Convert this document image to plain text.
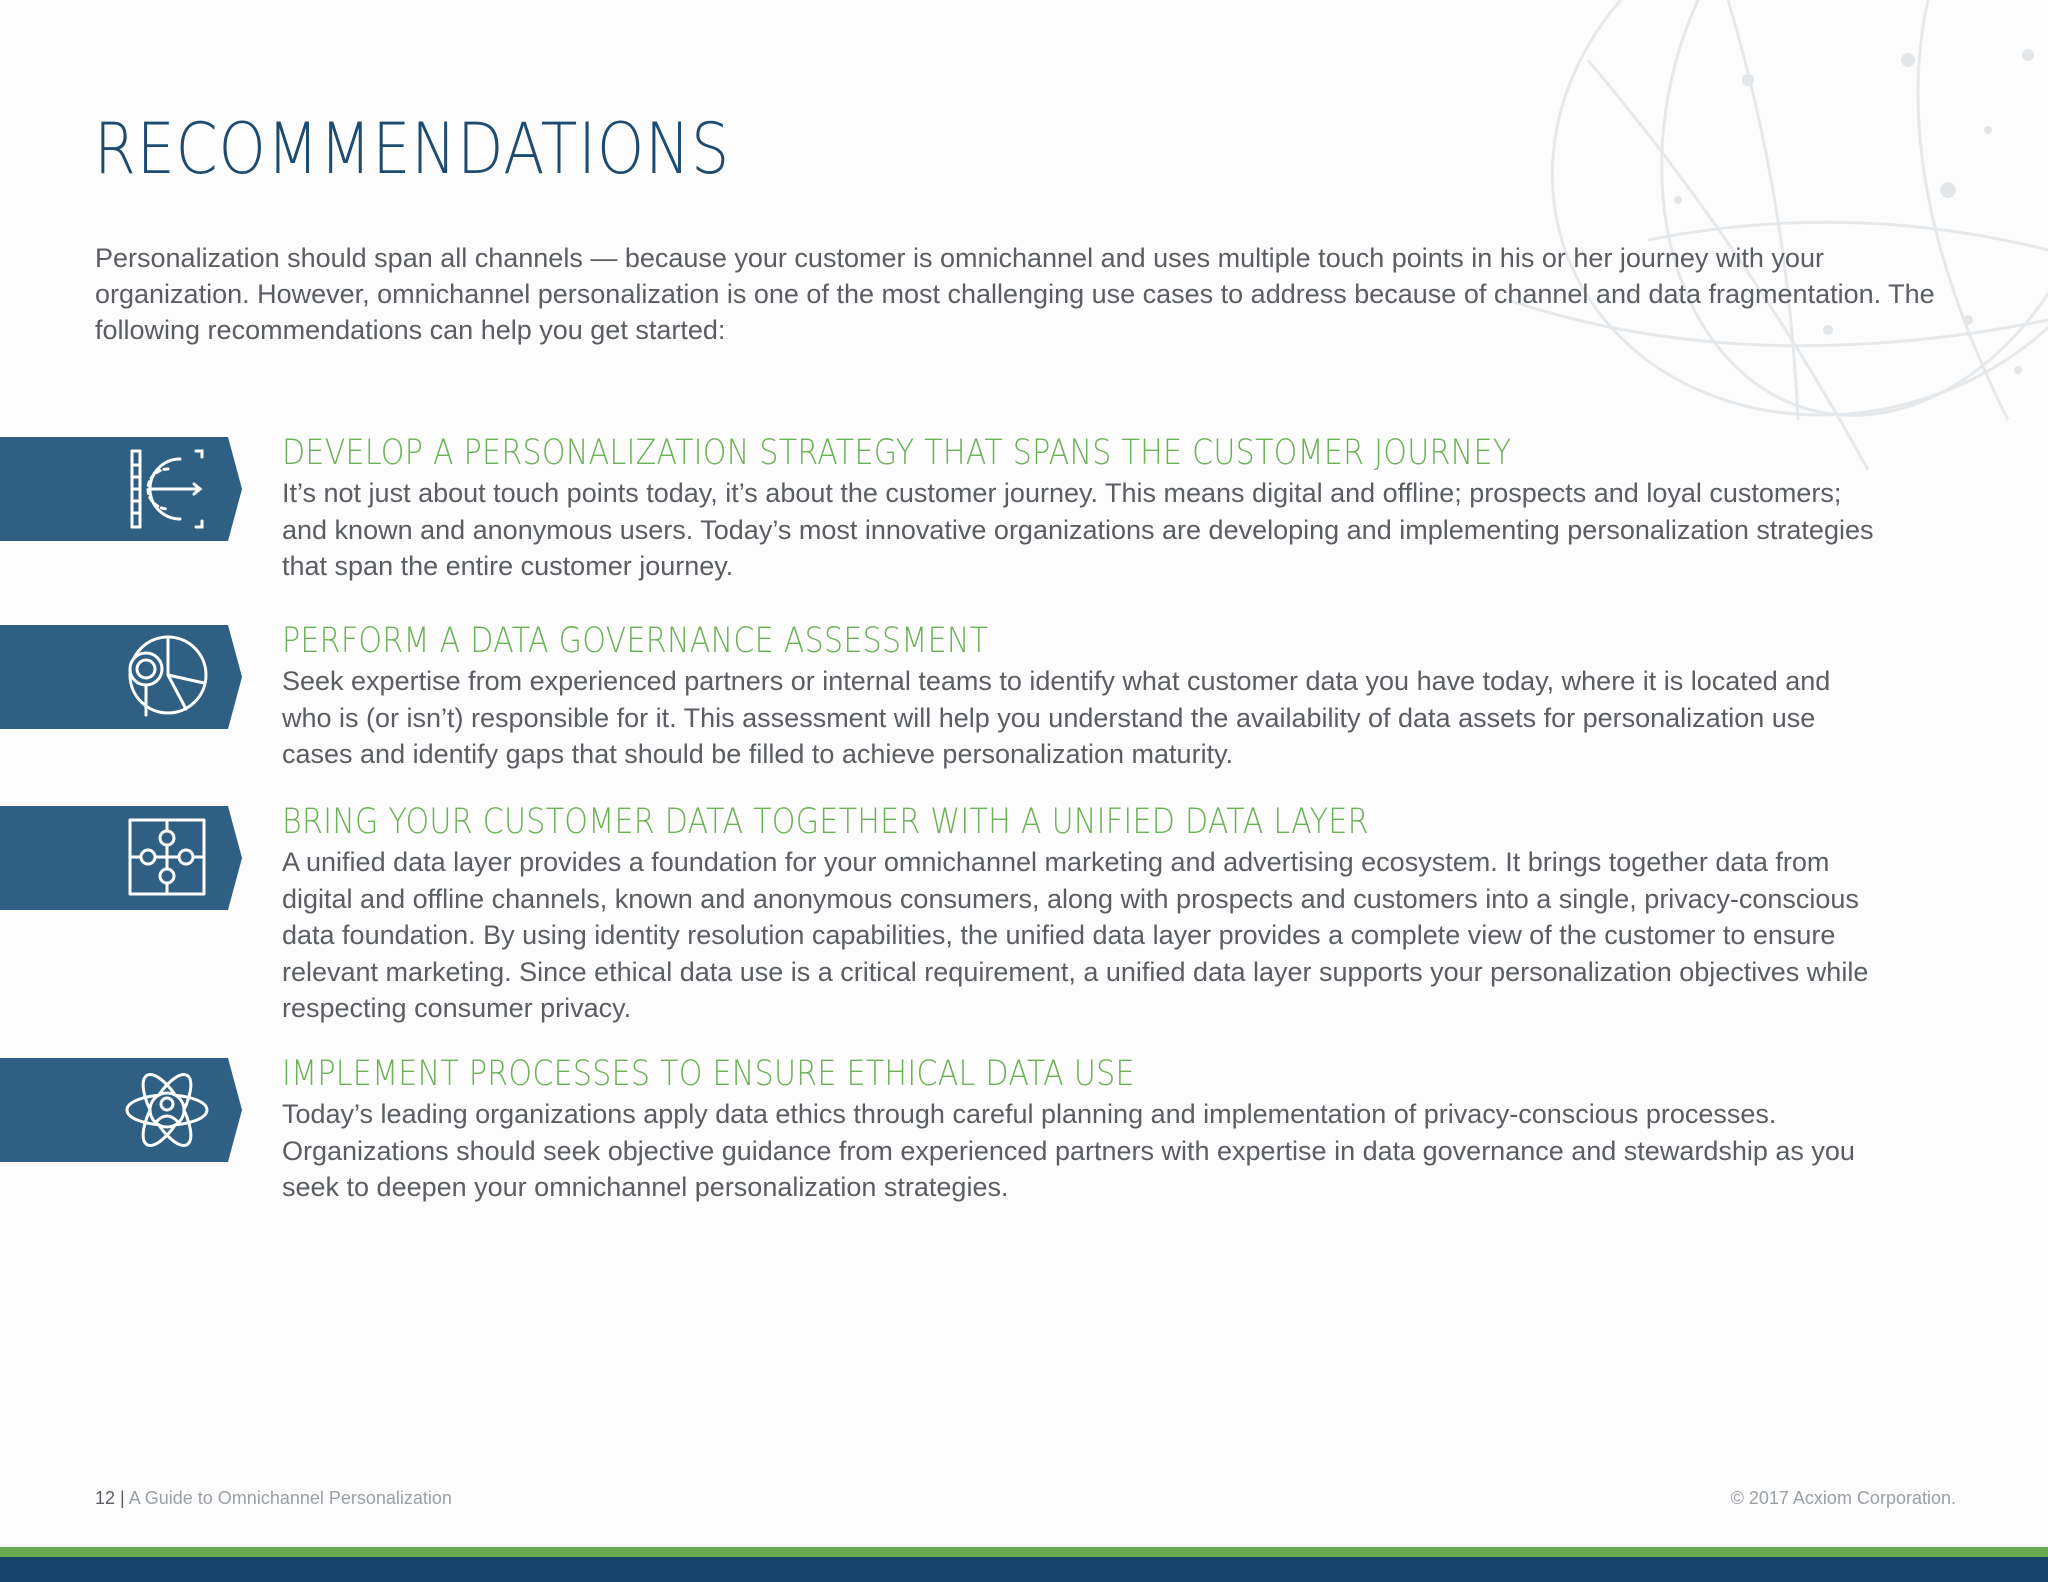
RECOMMENDATIONS

Personalization should span all channels — because your customer is omnichannel and uses multiple touch points in his or her journey with your organization. However, omnichannel personalization is one of the most challenging use cases to address because of channel and data fragmentation. The following recommendations can help you get started:

DEVELOP A PERSONALIZATION STRATEGY THAT SPANS THE CUSTOMER JOURNEY

It’s not just about touch points today, it’s about the customer journey. This means digital and offline; prospects and loyal customers; and known and anonymous users. Today’s most innovative organizations are developing and implementing personalization strategies that span the entire customer journey.

PERFORM A DATA GOVERNANCE ASSESSMENT

Seek expertise from experienced partners or internal teams to identify what customer data you have today, where it is located and who is (or isn’t) responsible for it. This assessment will help you understand the availability of data assets for personalization use cases and identify gaps that should be filled to achieve personalization maturity.

BRING YOUR CUSTOMER DATA TOGETHER WITH A UNIFIED DATA LAYER

A unified data layer provides a foundation for your omnichannel marketing and advertising ecosystem. It brings together data from digital and offline channels, known and anonymous consumers, along with prospects and customers into a single, privacy-conscious data foundation. By using identity resolution capabilities, the unified data layer provides a complete view of the customer to ensure relevant marketing. Since ethical data use is a critical requirement, a unified data layer supports your personalization objectives while respecting consumer privacy.

IMPLEMENT PROCESSES TO ENSURE ETHICAL DATA USE

Today’s leading organizations apply data ethics through careful planning and implementation of privacy-conscious processes. Organizations should seek objective guidance from experienced partners with expertise in data governance and stewardship as you seek to deepen your omnichannel personalization strategies.

12 | A Guide to Omnichannel Personalization	© 2017 Acxiom Corporation.
